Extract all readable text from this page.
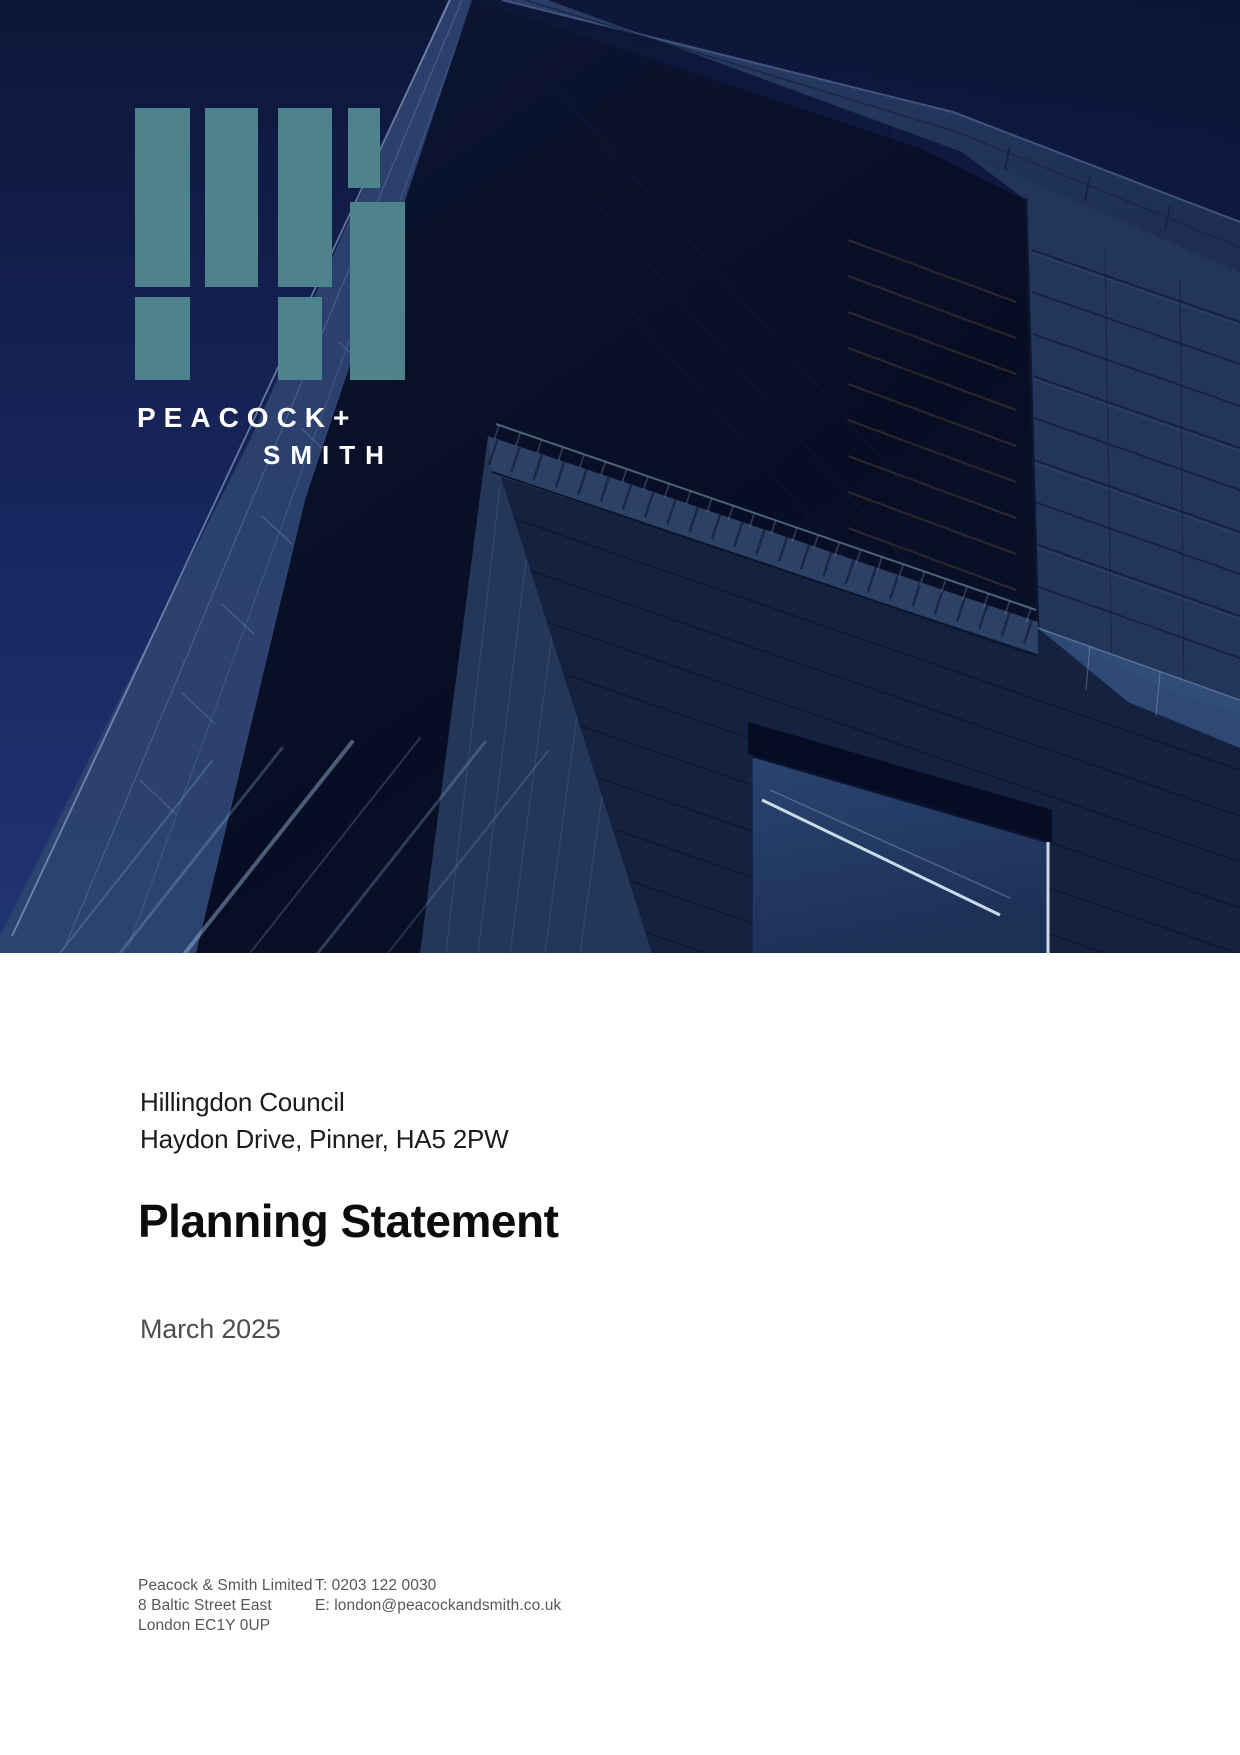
PEACOCK+
SMITH
Hillingdon Council
Haydon Drive, Pinner, HA5 2PW
Planning Statement
March 2025
Peacock & Smith Limited
8 Baltic Street East
London EC1Y 0UP
T: 0203 122 0030
E: london@peacockandsmith.co.uk
